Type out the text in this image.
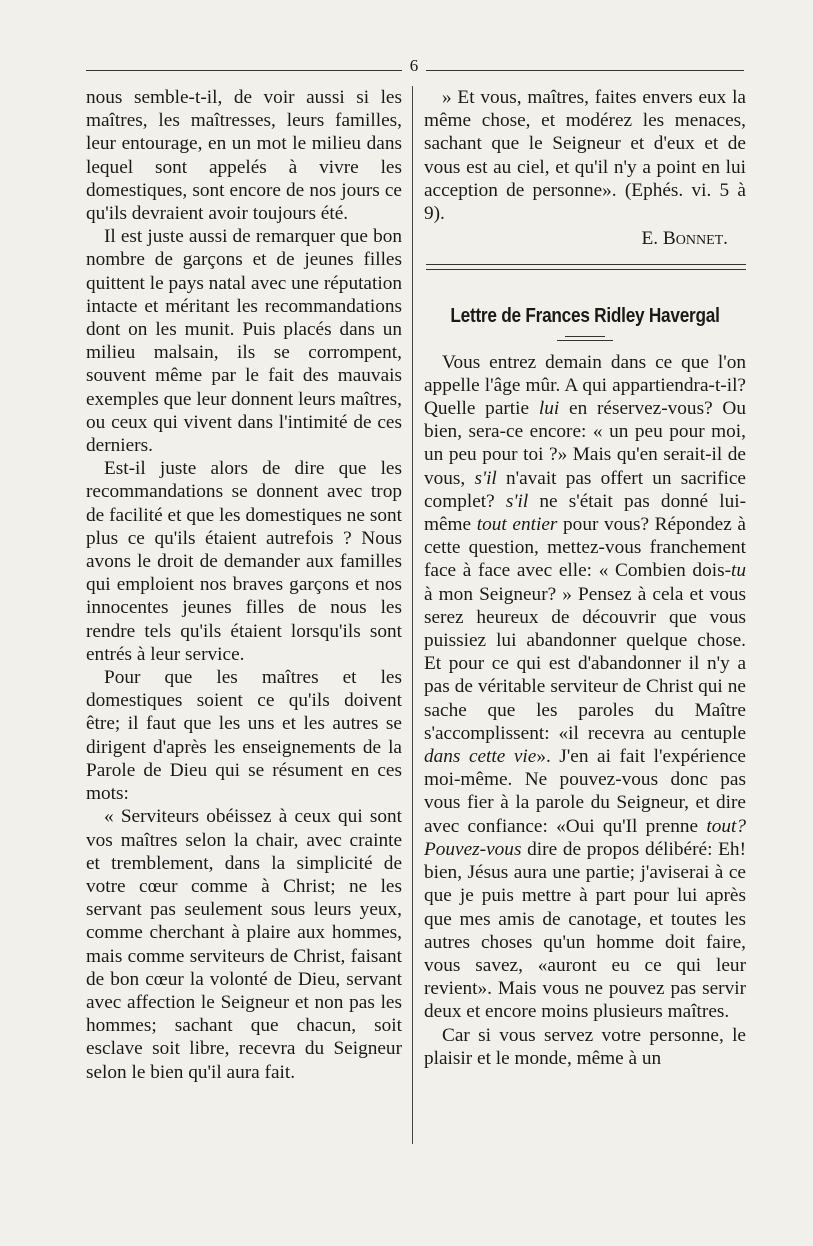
6

nous semble-t-il, de voir aussi si les maîtres, les maîtresses, leurs familles, leur entourage, en un mot le milieu dans lequel sont appelés à vivre les domestiques, sont encore de nos jours ce qu'ils devraient avoir toujours été.

Il est juste aussi de remarquer que bon nombre de garçons et de jeunes filles quittent le pays natal avec une réputation intacte et méritant les recommandations dont on les munit. Puis placés dans un milieu malsain, ils se corrompent, souvent même par le fait des mauvais exemples que leur donnent leurs maîtres, ou ceux qui vivent dans l'intimité de ces derniers.

Est-il juste alors de dire que les recommandations se donnent avec trop de facilité et que les domestiques ne sont plus ce qu'ils étaient autrefois ? Nous avons le droit de demander aux familles qui emploient nos braves garçons et nos innocentes jeunes filles de nous les rendre tels qu'ils étaient lorsqu'ils sont entrés à leur service.

Pour que les maîtres et les domestiques soient ce qu'ils doivent être; il faut que les uns et les autres se dirigent d'après les enseignements de la Parole de Dieu qui se résument en ces mots:

« Serviteurs obéissez à ceux qui sont vos maîtres selon la chair, avec crainte et tremblement, dans la simplicité de votre cœur comme à Christ; ne les servant pas seulement sous leurs yeux, comme cherchant à plaire aux hommes, mais comme serviteurs de Christ, faisant de bon cœur la volonté de Dieu, servant avec affection le Seigneur et non pas les hommes; sachant que chacun, soit esclave soit libre, recevra du Seigneur selon le bien qu'il aura fait.

» Et vous, maîtres, faites envers eux la même chose, et modérez les menaces, sachant que le Seigneur et d'eux et de vous est au ciel, et qu'il n'y a point en lui acception de personne». (Ephés. vi. 5 à 9).

E. Bonnet.

Lettre de Frances Ridley Havergal

Vous entrez demain dans ce que l'on appelle l'âge mûr. A qui appartiendra-t-il? Quelle partie lui en réservez-vous? Ou bien, sera-ce encore: « un peu pour moi, un peu pour toi ?» Mais qu'en serait-il de vous, s'il n'avait pas offert un sacrifice complet? s'il ne s'était pas donné lui-même tout entier pour vous? Répondez à cette question, mettez-vous franchement face à face avec elle: « Combien dois-tu à mon Seigneur? » Pensez à cela et vous serez heureux de découvrir que vous puissiez lui abandonner quelque chose. Et pour ce qui est d'abandonner il n'y a pas de véritable serviteur de Christ qui ne sache que les paroles du Maître s'accomplissent: «il recevra au centuple dans cette vie». J'en ai fait l'expérience moi-même. Ne pouvez-vous donc pas vous fier à la parole du Seigneur, et dire avec confiance: «Oui qu'Il prenne tout? Pouvez-vous dire de propos délibéré: Eh! bien, Jésus aura une partie; j'aviserai à ce que je puis mettre à part pour lui après que mes amis de canotage, et toutes les autres choses qu'un homme doit faire, vous savez, «auront eu ce qui leur revient». Mais vous ne pouvez pas servir deux et encore moins plusieurs maîtres.

Car si vous servez votre personne, le plaisir et le monde, même à un
